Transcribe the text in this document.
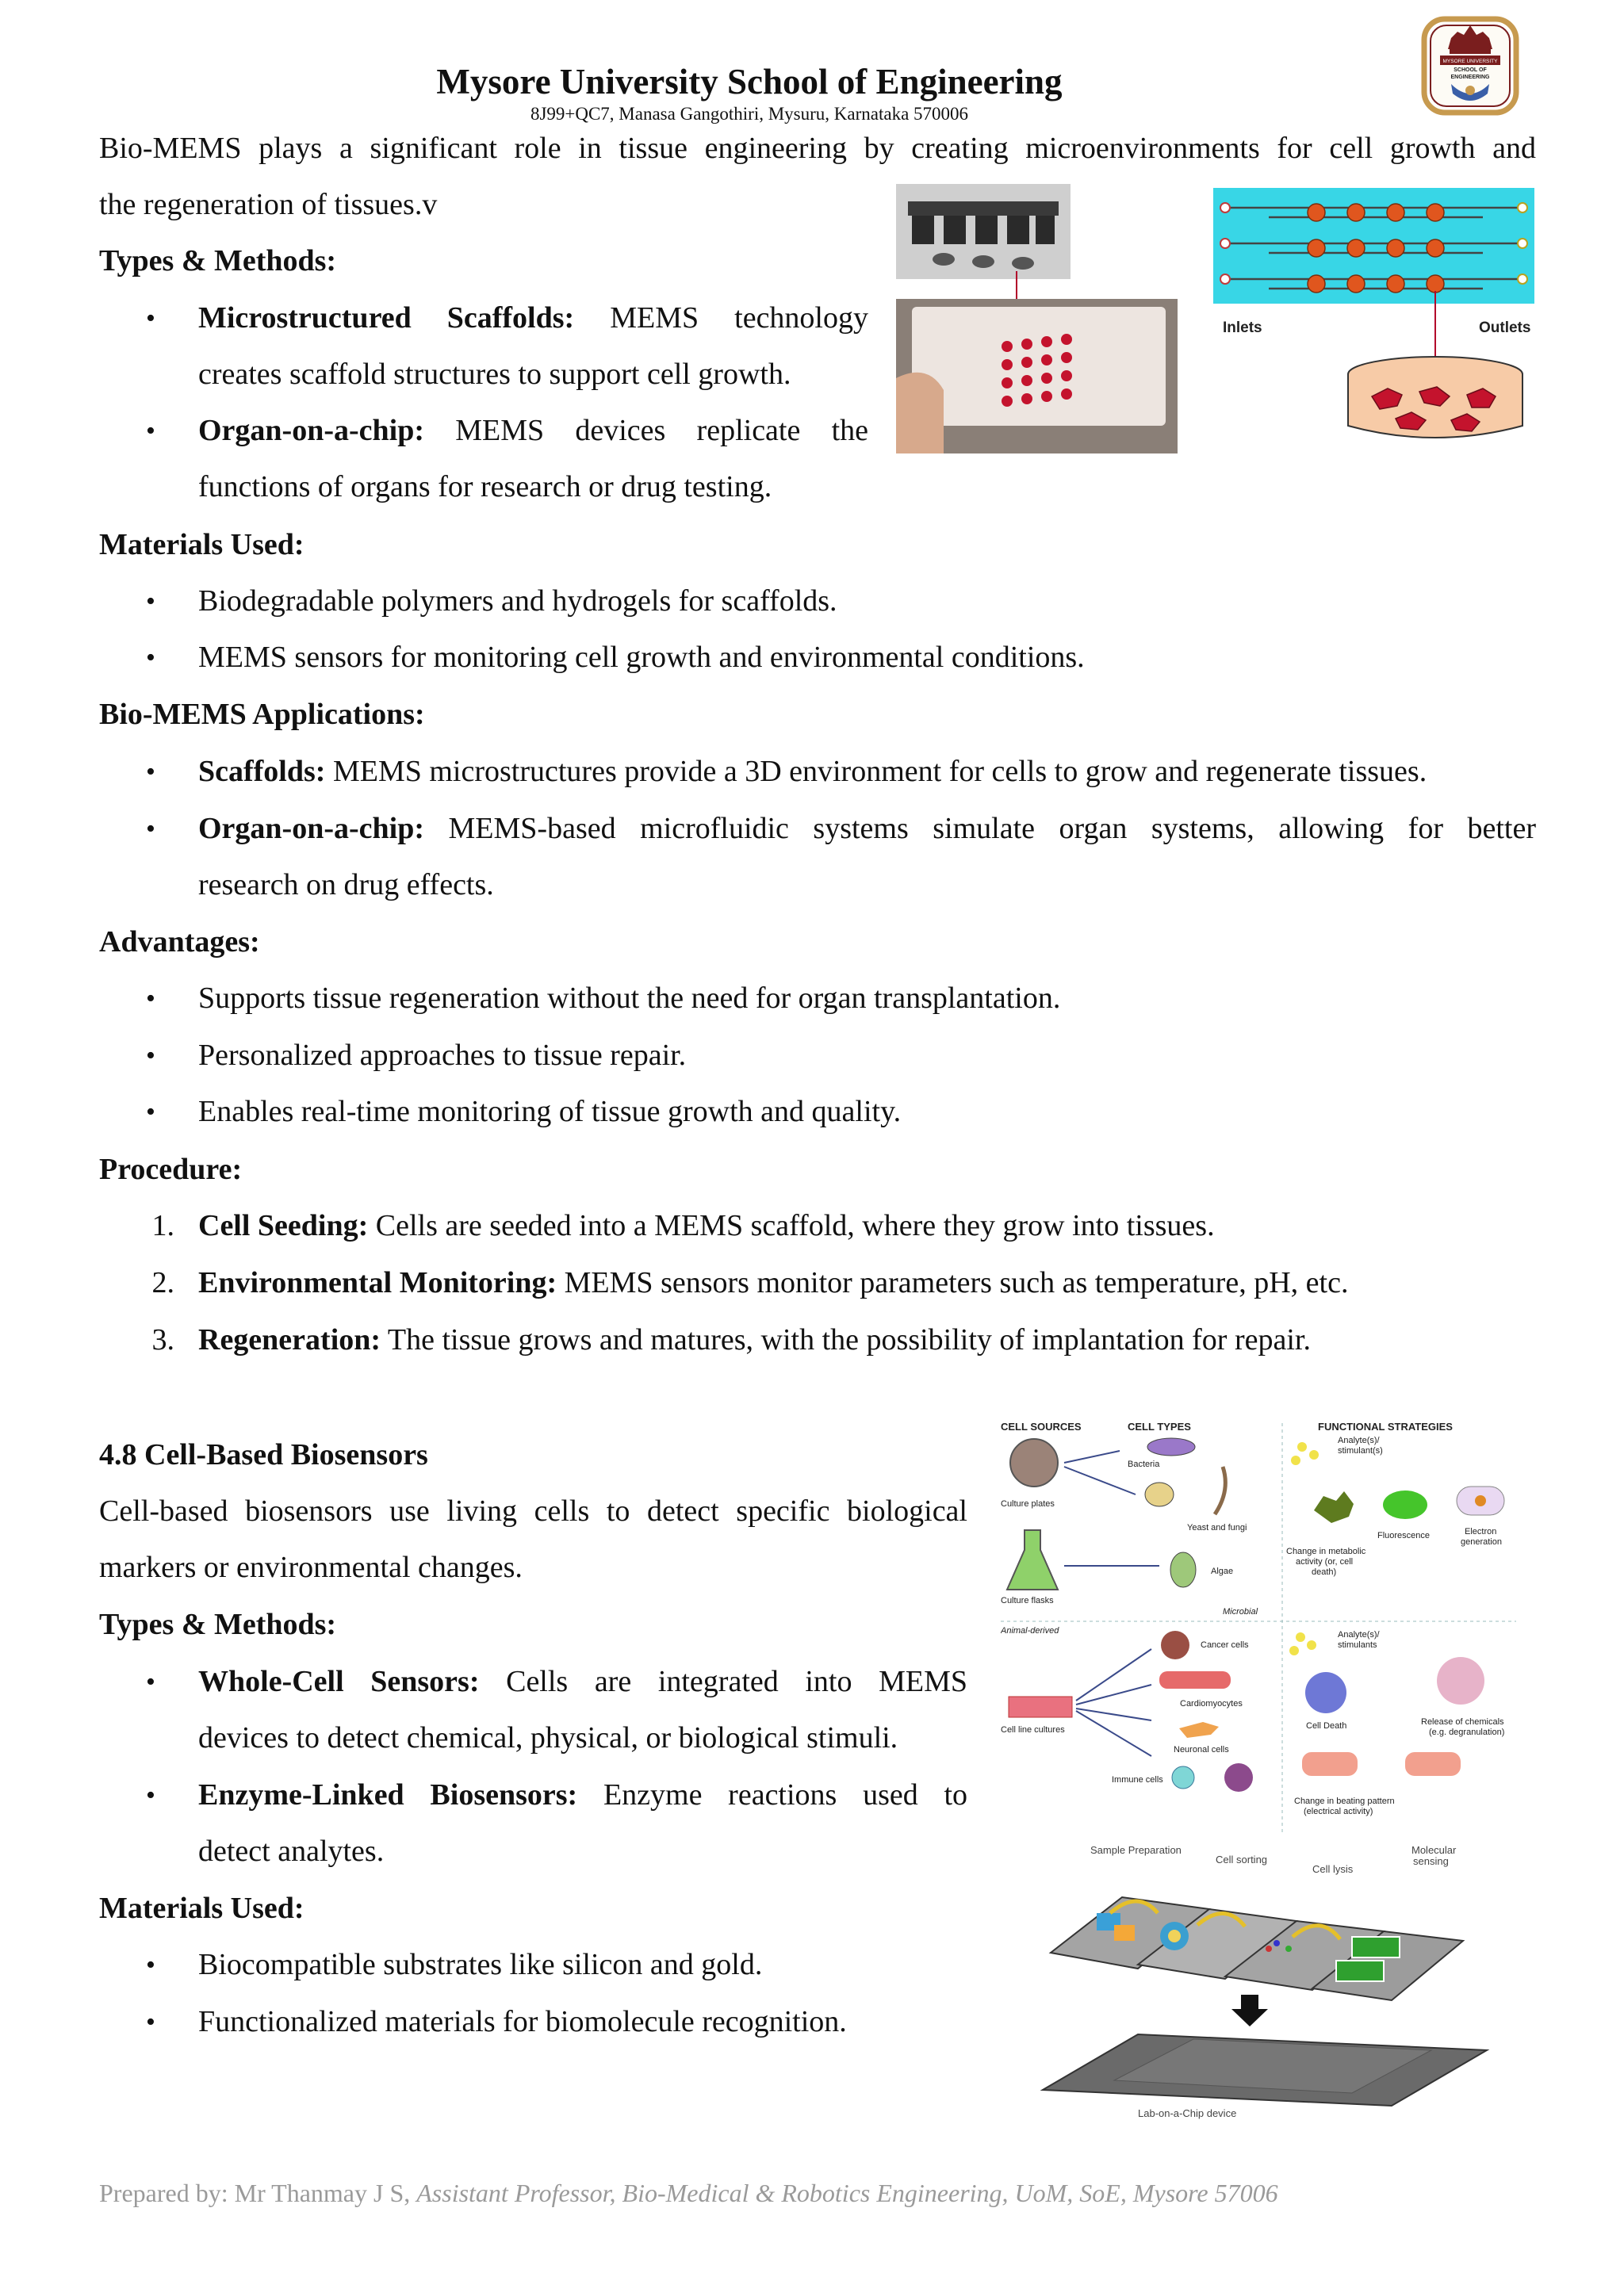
Mysore University School of Engineering
8J99+QC7, Manasa Gangothiri, Mysuru, Karnataka 570006
MYSORE UNIVERSITY
SCHOOL OF
ENGINEERING
Bio-MEMS plays a significant role in tissue engineering by creating microenvironments for cell growth and
the regeneration of tissues.v
Types & Methods:
• Microstructured Scaffolds: MEMS technology
creates scaffold structures to support cell growth.
• Organ-on-a-chip: MEMS devices replicate the
functions of organs for research or drug testing.
Materials Used:
• Biodegradable polymers and hydrogels for scaffolds.
• MEMS sensors for monitoring cell growth and environmental conditions.
Bio-MEMS Applications:
• Scaffolds: MEMS microstructures provide a 3D environment for cells to grow and regenerate tissues.
• Organ-on-a-chip: MEMS-based microfluidic systems simulate organ systems, allowing for better
research on drug effects.
Advantages:
• Supports tissue regeneration without the need for organ transplantation.
• Personalized approaches to tissue repair.
• Enables real-time monitoring of tissue growth and quality.
Procedure:
1. Cell Seeding: Cells are seeded into a MEMS scaffold, where they grow into tissues.
2. Environmental Monitoring: MEMS sensors monitor parameters such as temperature, pH, etc.
3. Regeneration: The tissue grows and matures, with the possibility of implantation for repair.
4.8 Cell-Based Biosensors
Cell-based biosensors use living cells to detect specific biological
markers or environmental changes.
Types & Methods:
• Whole-Cell Sensors: Cells are integrated into MEMS
devices to detect chemical, physical, or biological stimuli.
• Enzyme-Linked Biosensors: Enzyme reactions used to
detect analytes.
Materials Used:
• Biocompatible substrates like silicon and gold.
• Functionalized materials for biomolecule recognition.
Prepared by: Mr Thanmay J S, Assistant Professor, Bio-Medical & Robotics Engineering, UoM, SoE, Mysore 57006
Inlets	Outlets
CELL SOURCES	CELL TYPES	FUNCTIONAL STRATEGIES
Culture plates
Culture flasks
Bacteria
Yeast and fungi
Algae
Microbial
Animal-derived
Analyte(s)/
stimulant(s)
Change in metabolic
activity (or, cell
death)
Fluorescence	Electron
generation
Cell line cultures
Cancer cells
Cardiomyocytes
Neuronal cells
Immune cells
Analyte(s)/
stimulants
Cell Death	Release of chemicals
(e.g. degranulation)
Change in beating pattern
(electrical activity)
Sample Preparation
Cell sorting
Cell lysis
Molecular
sensing
Lab-on-a-Chip device
